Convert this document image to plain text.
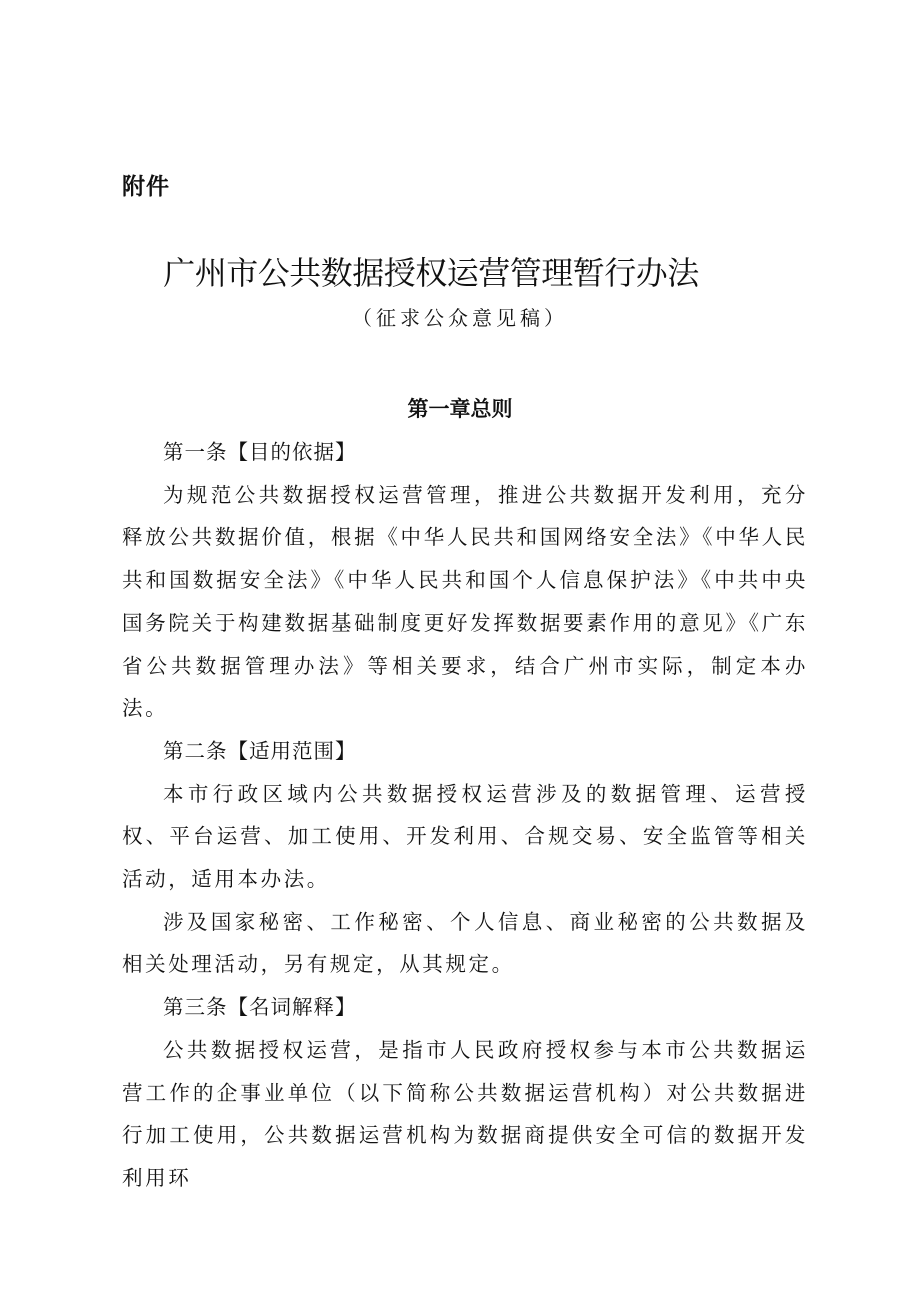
附件
广州市公共数据授权运营管理暂行办法
（征求公众意见稿）
第一章总则

第一条【目的依据】

为规范公共数据授权运营管理，推进公共数据开发利用，充分释放公共数据价值，根据《中华人民共和国网络安全法》《中华人民共和国数据安全法》《中华人民共和国个人信息保护法》《中共中央国务院关于构建数据基础制度更好发挥数据要素作用的意见》《广东省公共数据管理办法》等相关要求，结合广州市实际，制定本办法。

第二条【适用范围】

本市行政区域内公共数据授权运营涉及的数据管理、运营授权、平台运营、加工使用、开发利用、合规交易、安全监管等相关活动，适用本办法。

涉及国家秘密、工作秘密、个人信息、商业秘密的公共数据及相关处理活动，另有规定，从其规定。

第三条【名词解释】

公共数据授权运营，是指市人民政府授权参与本市公共数据运营工作的企事业单位（以下简称公共数据运营机构）对公共数据进行加工使用，公共数据运营机构为数据商提供安全可信的数据开发利用环
